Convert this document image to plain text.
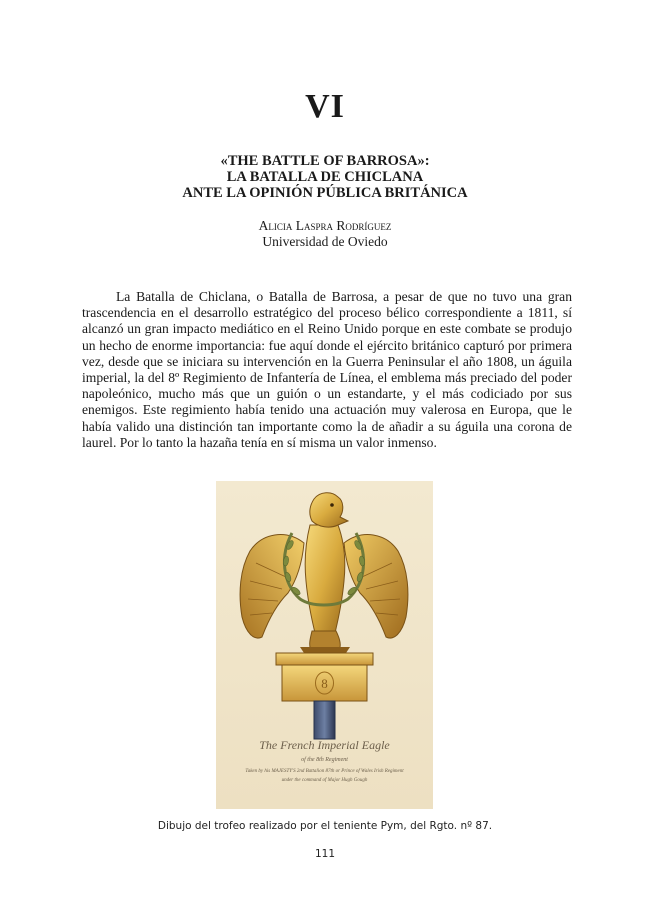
VI
«THE BATTLE OF BARROSA»:
LA BATALLA DE CHICLANA
ANTE LA OPINIÓN PÚBLICA BRITÁNICA
Alicia Laspra Rodríguez
Universidad de Oviedo
La Batalla de Chiclana, o Batalla de Barrosa, a pesar de que no tuvo una gran trascendencia en el desarrollo estratégico del proceso bélico correspondiente a 1811, sí alcanzó un gran impacto mediático en el Reino Unido porque en este combate se produjo un hecho de enorme importancia: fue aquí donde el ejército británico capturó por primera vez, desde que se iniciara su intervención en la Guerra Peninsular el año 1808, un águila imperial, la del 8º Regimiento de Infantería de Línea, el emblema más preciado del poder napoleónico, mucho más que un guión o un estandarte, y el más codiciado por sus enemigos. Este regimiento había tenido una actuación muy valerosa en Europa, que le había valido una distinción tan importante como la de añadir a su águila una corona de laurel. Por lo tanto la hazaña tenía en sí misma un valor inmenso.
8
The French Imperial Eagle
of the 8th Regiment
Taken by his MAJESTY'S 2nd Battalion 87th or Prince of Wales Irish Regiment
under the command of Major Hugh Gough
Dibujo del trofeo realizado por el teniente Pym, del Rgto. nº 87.
111
